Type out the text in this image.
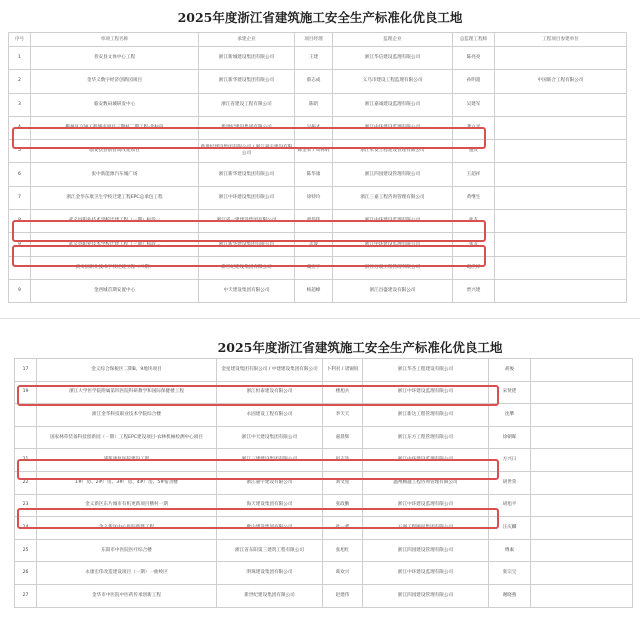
2025年度浙江省建筑施工安全生产标准化优良工地
序号	单项工程名称	承建企业	项目经理	监理企业	总监理工程师	工程项目参建单位
1	普安县文体中心工程	浙江新城建设集团有限公司	王建	浙江华信建设监理有限公司	陈亮亮	
2	金华义数字经济创新园项目	浙江新华建设集团有限公司	蔡志成	义乌市建设工程监理有限公司	孙明超	中国联合工程有限公司
3	临安数码城研发中心	浙江省建设工程有限公司	陈昭	浙江嘉诚建设监理有限公司	吴建军	
4	鄞州区交通工程城市项目三期村二期工程-北标段	新世纪建设集团有限公司	吴振才	浙江中环建设监理有限公司	龚立平	
5	临安县县前普高改建项目	新世纪建设集团有限公司 / 浙江嘉宇建设有限公司	陈金本 / 周林炳	浙江永安工程建设管理有限公司	施友	
6	张中新能源汽车城广场	浙江新华建设集团有限公司	陈华康	浙江四园建设管理有限公司	王超祥	
7	浙江金华东康卫生学校迁建工程EPC总承包工程	浙江中环建设集团有限公司	徐特玲	浙江三嘉工程咨询管理有限公司	黄继生	
8	武义县职业技术学校迁建工程（一期）标段一	浙江省一建建设集团有限公司	虞伟伟	浙江中环建设监理有限公司	张友	
9	武义县职业技术学校迁建工程（一期）标段二	浙江新华建设集团有限公司	孟波	浙江中环建设监理有限公司	张友	
	武义县职业技术学校迁建工程（二期）	新世纪建设集团有限公司	虞宏宇	浙江万晟工程管理有限公司	谢洪洋	
9	金西城首期安置中心	中天建设集团有限公司	杨超峰	浙江昌盛建设有限公司	贾兴建	
2025年度浙江省建筑施工安全生产标准化优良工地
17	金义综合保税区二期B、9地块项目	金星建设集团有限公司 / 中建建设集团有限公司	卜利君 / 诸锡锐	浙江华杰工程建设有限公司	胡俊	
19	浙江大学医学院附属第四医院科研教学和国际保健楼工程	浙江恒泰建设有限公司	楼旭兵	浙江中环建设监理有限公司	宋贤佬	
	浙江金华科技职业技术学院综合楼	永固建设工程有限公司	李天天	浙江新达工程管理有限公司	沈攀	
	国家林草装备科技创新园（一期）工程EPC建设项目-农林机械检测中心项目	浙江中天建设集团有限公司	嘉晨辉	浙江东方工程管理有限公司	徐朝晖	
21	浦浆康复医院建设工程	浙江三建建设集团有限公司	赵志浩	浙江中环建设监理有限公司	方兴日	
22	1#厂房、2#厂房、3#厂房、4#厂房、5#宿舍楼	浙江嘉宇建设有限公司	刘文星	温州腾越工程咨询管理有限公司	胡世荣	
23	金义新区东片城市有机更新项目横村一期	海天建设集团有限公司	张政勤	浙江中环建设监理有限公司	胡旭平	
24	金义新区中心医院新建工程	歌山建设集团有限公司	叶一鑫	五洲工程顾问集团有限公司	汪庆麟	
25	东阳市中医院医疗综合楼	浙江省东阳第三建筑工程有限公司	张旭红	浙江四园建设管理有限公司	傅素	
26	永康宏伟改造建设项目（一期）一曲岭区	明珠建设集团有限公司	葛欢兴	浙江中环建设监理有限公司	张宗宝	
27	金华市中医院中医药传承创新工程	新世纪建设集团有限公司	赵建伟	浙江四园建设管理有限公司	谢晓燕	
